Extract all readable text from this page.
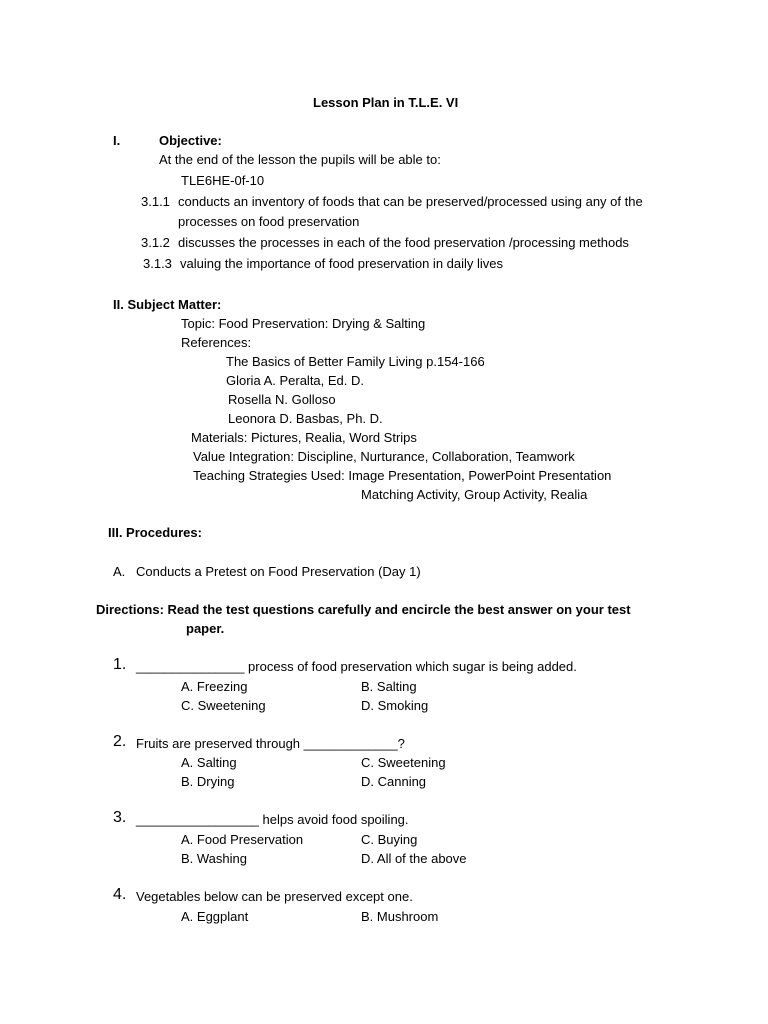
Lesson Plan in T.L.E. VI
I.	Objective:
At the end of the lesson the pupils will be able to:
TLE6HE-0f-10
3.1.1 conducts an inventory of foods that can be preserved/processed using any of the
processes on food preservation
3.1.2 discusses the processes in each of the food preservation /processing methods
3.1.3 valuing the importance of food preservation in daily lives
II. Subject Matter:
Topic: Food Preservation: Drying & Salting
References:
The Basics of Better Family Living p.154-166
Gloria A. Peralta, Ed. D.
Rosella N. Golloso
Leonora D. Basbas, Ph. D.
Materials: Pictures, Realia, Word Strips
Value Integration: Discipline, Nurturance, Collaboration, Teamwork
Teaching Strategies Used: Image Presentation, PowerPoint Presentation
Matching Activity, Group Activity, Realia
III. Procedures:
A. Conducts a Pretest on Food Preservation (Day 1)
Directions: Read the test questions carefully and encircle the best answer on your test
paper.
1. _______________ process of food preservation which sugar is being added.
A. Freezing	B. Salting
C. Sweetening	D. Smoking
2. Fruits are preserved through _____________?
A. Salting	C. Sweetening
B. Drying	D. Canning
3. _________________ helps avoid food spoiling.
A. Food Preservation	C. Buying
B. Washing	D. All of the above
4. Vegetables below can be preserved except one.
A. Eggplant	B. Mushroom
